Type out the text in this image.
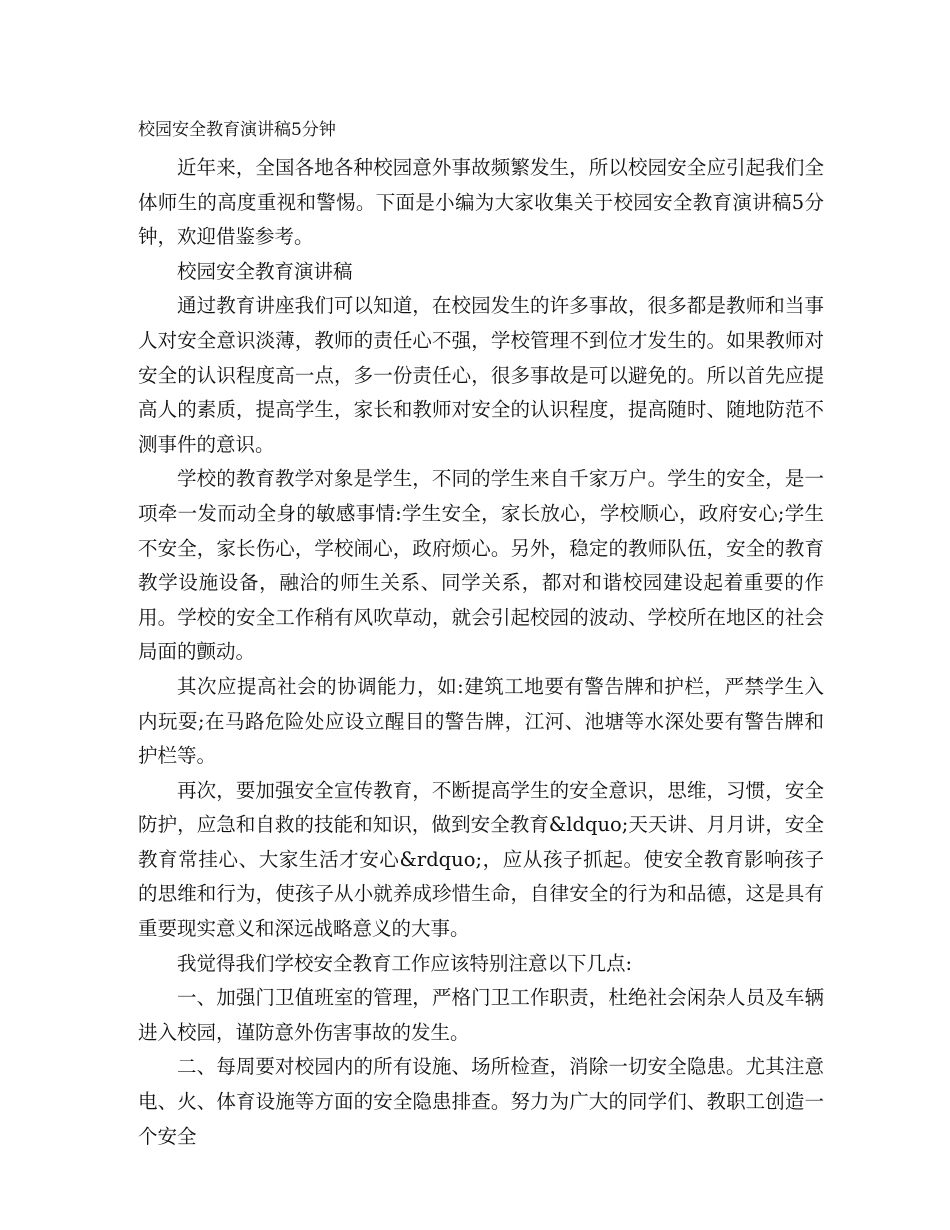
校园安全教育演讲稿5分钟

近年来，全国各地各种校园意外事故频繁发生，所以校园安全应引起我们全体师生的高度重视和警惕。下面是小编为大家收集关于校园安全教育演讲稿5分钟，欢迎借鉴参考。

校园安全教育演讲稿

通过教育讲座我们可以知道，在校园发生的许多事故，很多都是教师和当事人对安全意识淡薄，教师的责任心不强，学校管理不到位才发生的。如果教师对安全的认识程度高一点，多一份责任心，很多事故是可以避免的。所以首先应提高人的素质，提高学生，家长和教师对安全的认识程度，提高随时、随地防范不测事件的意识。

学校的教育教学对象是学生，不同的学生来自千家万户。学生的安全，是一项牵一发而动全身的敏感事情:学生安全，家长放心，学校顺心，政府安心;学生不安全，家长伤心，学校闹心，政府烦心。另外，稳定的教师队伍，安全的教育教学设施设备，融洽的师生关系、同学关系，都对和谐校园建设起着重要的作用。学校的安全工作稍有风吹草动，就会引起校园的波动、学校所在地区的社会局面的颤动。

其次应提高社会的协调能力，如:建筑工地要有警告牌和护栏，严禁学生入内玩耍;在马路危险处应设立醒目的警告牌，江河、池塘等水深处要有警告牌和护栏等。

再次，要加强安全宣传教育，不断提高学生的安全意识，思维，习惯，安全防护，应急和自救的技能和知识，做到安全教育&ldquo;天天讲、月月讲，安全教育常挂心、大家生活才安心&rdquo;，应从孩子抓起。使安全教育影响孩子的思维和行为，使孩子从小就养成珍惜生命，自律安全的行为和品德，这是具有重要现实意义和深远战略意义的大事。

我觉得我们学校安全教育工作应该特别注意以下几点:

一、加强门卫值班室的管理，严格门卫工作职责，杜绝社会闲杂人员及车辆进入校园，谨防意外伤害事故的发生。

二、每周要对校园内的所有设施、场所检查，消除一切安全隐患。尤其注意电、火、体育设施等方面的安全隐患排查。努力为广大的同学们、教职工创造一个安全
